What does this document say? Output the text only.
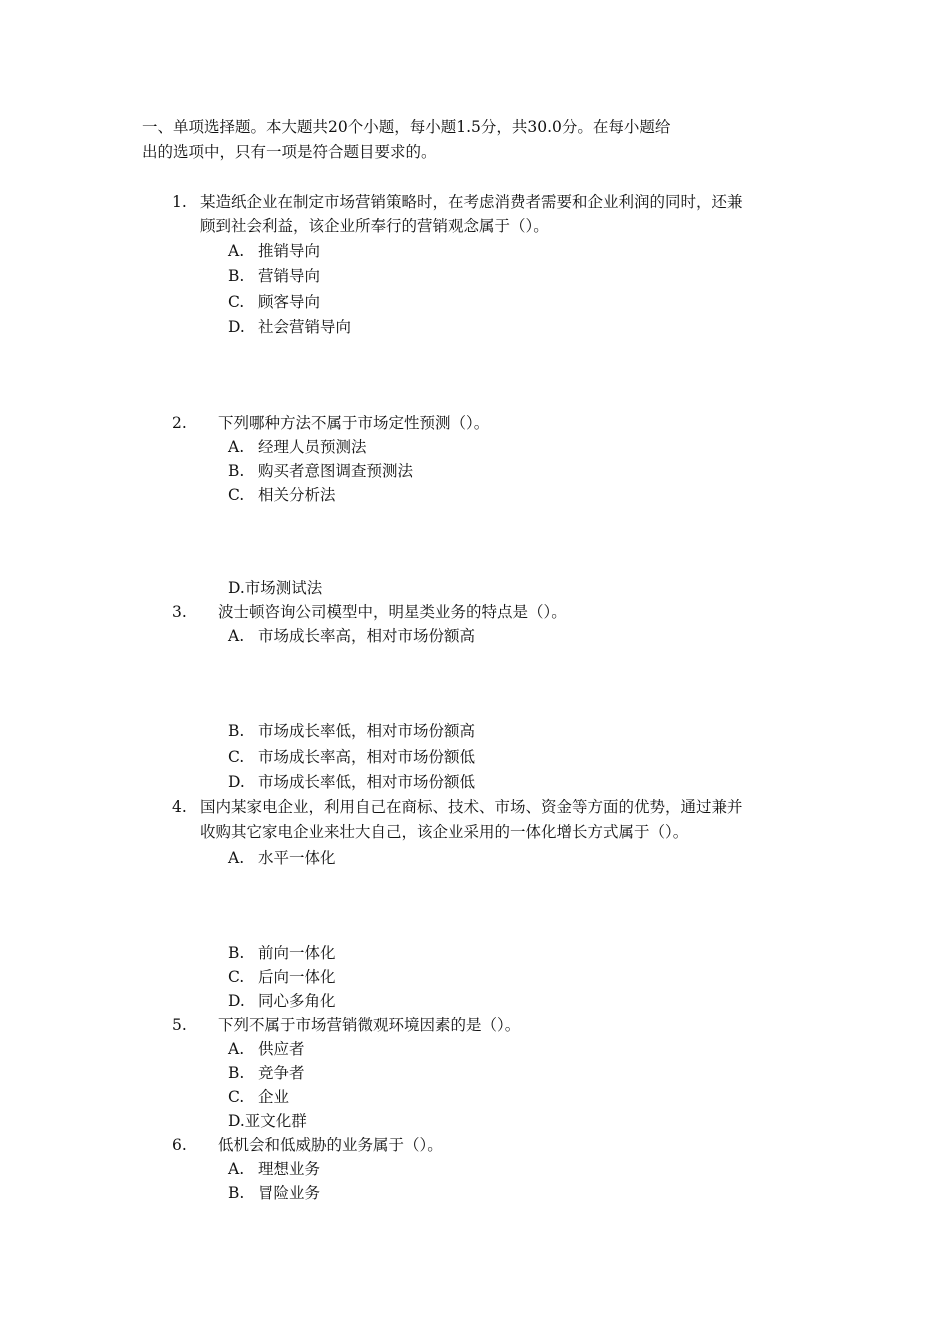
一、单项选择题。本大题共20个小题，每小题1.5分，共30.0分。在每小题给
出的选项中，只有一项是符合题目要求的。
1. 某造纸企业在制定市场营销策略时，在考虑消费者需要和企业利润的同时，还兼
顾到社会利益，该企业所奉行的营销观念属于（）。
A. 推销导向
B. 营销导向
C. 顾客导向
D. 社会营销导向
2. 下列哪种方法不属于市场定性预测（）。
A. 经理人员预测法
B. 购买者意图调查预测法
C. 相关分析法
D.市场测试法
3. 波士顿咨询公司模型中，明星类业务的特点是（）。
A. 市场成长率高，相对市场份额高
B. 市场成长率低，相对市场份额高
C. 市场成长率高，相对市场份额低
D. 市场成长率低，相对市场份额低
4. 国内某家电企业，利用自己在商标、技术、市场、资金等方面的优势，通过兼并
收购其它家电企业来壮大自己，该企业采用的一体化增长方式属于（）。
A. 水平一体化
B. 前向一体化
C. 后向一体化
D. 同心多角化
5. 下列不属于市场营销微观环境因素的是（）。
A. 供应者
B. 竞争者
C. 企业
D.亚文化群
6. 低机会和低威胁的业务属于（）。
A. 理想业务
B. 冒险业务
